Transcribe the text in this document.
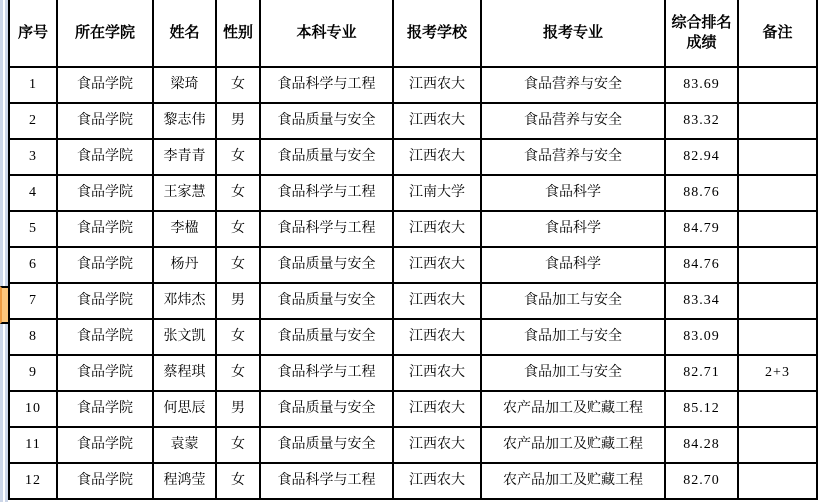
序号	所在学院	姓名	性别	本科专业	报考学校	报考专业	综合排名成绩	备注
1	食品学院	梁琦	女	食品科学与工程	江西农大	食品营养与安全	83.69	
2	食品学院	黎志伟	男	食品质量与安全	江西农大	食品营养与安全	83.32	
3	食品学院	李青青	女	食品质量与安全	江西农大	食品营养与安全	82.94	
4	食品学院	王家慧	女	食品科学与工程	江南大学	食品科学	88.76	
5	食品学院	李楹	女	食品科学与工程	江西农大	食品科学	84.79	
6	食品学院	杨丹	女	食品质量与安全	江西农大	食品科学	84.76	
7	食品学院	邓炜杰	男	食品质量与安全	江西农大	食品加工与安全	83.34	
8	食品学院	张文凯	女	食品质量与安全	江西农大	食品加工与安全	83.09	
9	食品学院	蔡程琪	女	食品科学与工程	江西农大	食品加工与安全	82.71	2+3
10	食品学院	何思辰	男	食品质量与安全	江西农大	农产品加工及贮藏工程	85.12	
11	食品学院	袁蒙	女	食品质量与安全	江西农大	农产品加工及贮藏工程	84.28	
12	食品学院	程鸿莹	女	食品科学与工程	江西农大	农产品加工及贮藏工程	82.70	
